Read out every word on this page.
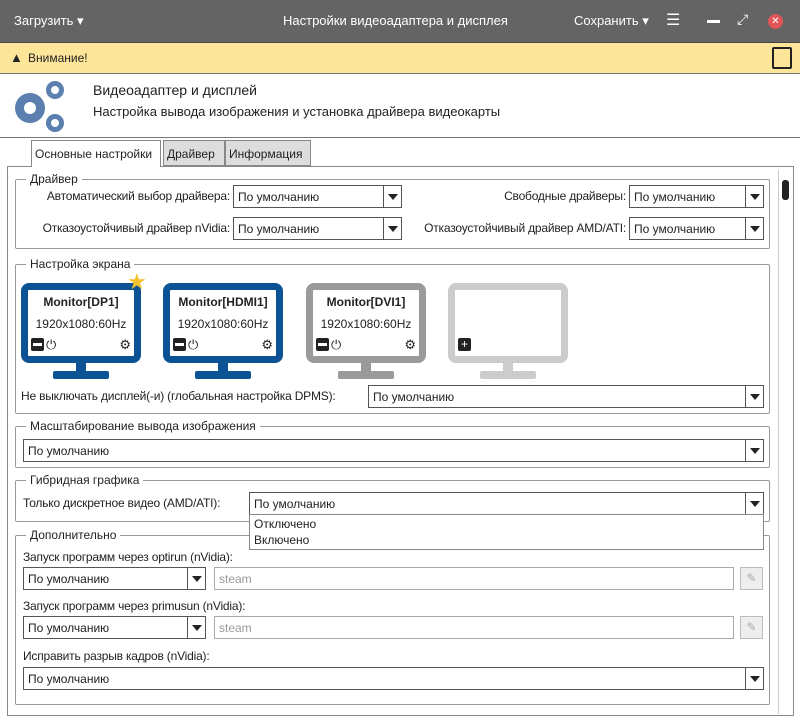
Загрузить ▾	Настройки видеоадаптера и дисплея	Сохранить ▾ ☰	⤢	✕
▲ Внимание!
Видеоадаптер и дисплей
Настройка вывода изображения и установка драйвера видеокарты
Основные настройки	Драйвер	Информация
Драйвер
Автоматический выбор драйвера: По умолчанию	Свободные драйверы: По умолчанию
Отказоустойчивый драйвер nVidia: По умолчанию	Отказоустойчивый драйвер AMD/ATI: По умолчанию
Настройка экрана
Monitor[DP1]
1920x1080:60Hz
⏻	⚙
★
Monitor[HDMI1]
1920x1080:60Hz
⏻	⚙
Monitor[DVI1]
1920x1080:60Hz
⏻	⚙	+
Не выключать дисплей(-и) (глобальная настройка DPMS):	По умолчанию
Масштабирование вывода изображения
По умолчанию
Гибридная графика
Только дискретное видео (AMD/ATI):	По умолчанию
Отключено
Включено
Дополнительно
Запуск программ через optirun (nVidia):
По умолчанию	steam	✎
Запуск программ через primusun (nVidia):
По умолчанию	steam	✎
Исправить разрыв кадров (nVidia):
По умолчанию
